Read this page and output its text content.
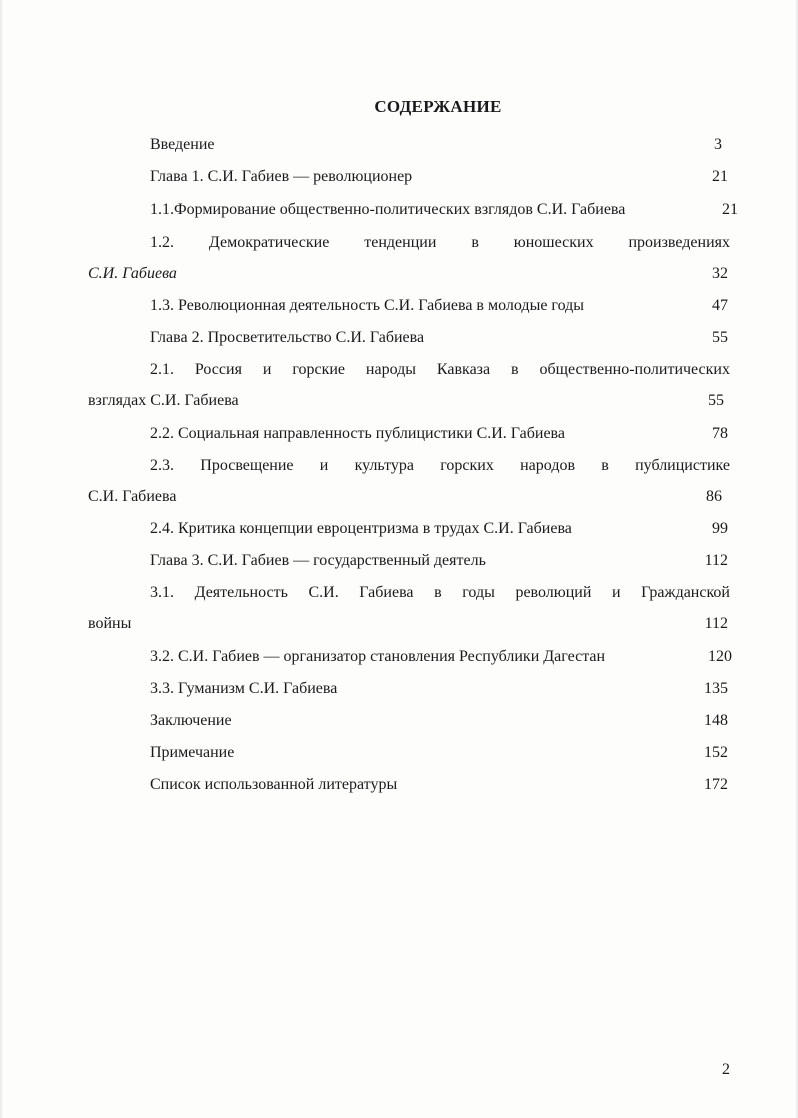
СОДЕРЖАНИЕ
Введение	3
Глава 1. С.И. Габиев — революционер	21
1.1.Формирование общественно-политических взглядов С.И. Габиева	21
1.2. Демократические тенденции в юношеских произведениях
С.И. Габиева	32
1.3. Революционная деятельность С.И. Габиева в молодые годы	47
Глава 2. Просветительство С.И. Габиева	55
2.1. Россия и горские народы Кавказа в общественно-политических
взглядах С.И. Габиева	55
2.2. Социальная направленность публицистики С.И. Габиева	78
2.3. Просвещение и культура горских народов в публицистике
С.И. Габиева	86
2.4. Критика концепции евроцентризма в трудах С.И. Габиева	99
Глава 3. С.И. Габиев — государственный деятель	112
3.1. Деятельность С.И. Габиева в годы революций и Гражданской
войны	112
3.2. С.И. Габиев — организатор становления Республики Дагестан	120
3.3. Гуманизм С.И. Габиева	135
Заключение	148
Примечание	152
Список использованной литературы	172
2
